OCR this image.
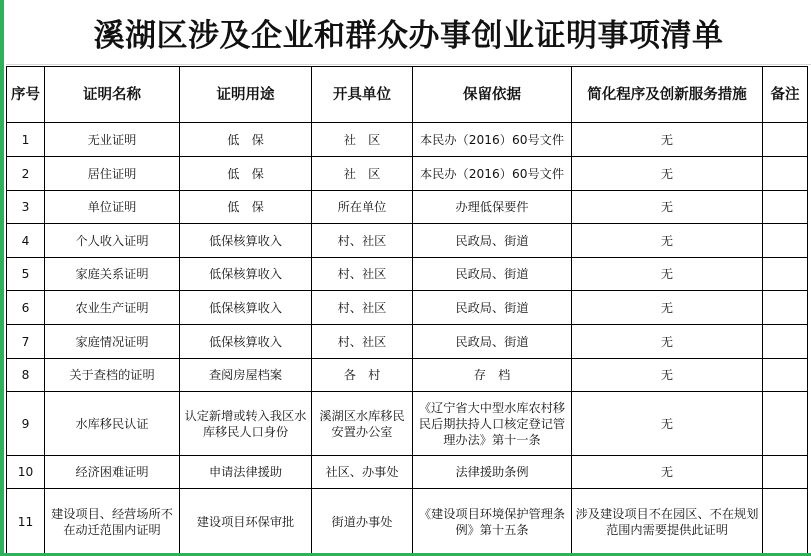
溪湖区涉及企业和群众办事创业证明事项清单
序号	证明名称	证明用途	开具单位	保留依据	简化程序及创新服务措施	备注
1	无业证明	低　保	社　区	本民办（2016）60号文件	无	
2	居住证明	低　保	社　区	本民办（2016）60号文件	无	
3	单位证明	低　保	所在单位	办理低保要件	无	
4	个人收入证明	低保核算收入	村、社区	民政局、街道	无	
5	家庭关系证明	低保核算收入	村、社区	民政局、街道	无	
6	农业生产证明	低保核算收入	村、社区	民政局、街道	无	
7	家庭情况证明	低保核算收入	村、社区	民政局、街道	无	
8	关于查档的证明	查阅房屋档案	各　村	存　档	无	
9	水库移民认证	认定新增或转入我区水库移民人口身份	溪湖区水库移民安置办公室	《辽宁省大中型水库农村移民后期扶持人口核定登记管理办法》第十一条	无	
10	经济困难证明	申请法律援助	社区、办事处	法律援助条例	无	
11	建设项目、经营场所不在动迁范围内证明	建设项目环保审批	街道办事处	《建设项目环境保护管理条例》第十五条	涉及建设项目不在园区、不在规划范围内需要提供此证明	
